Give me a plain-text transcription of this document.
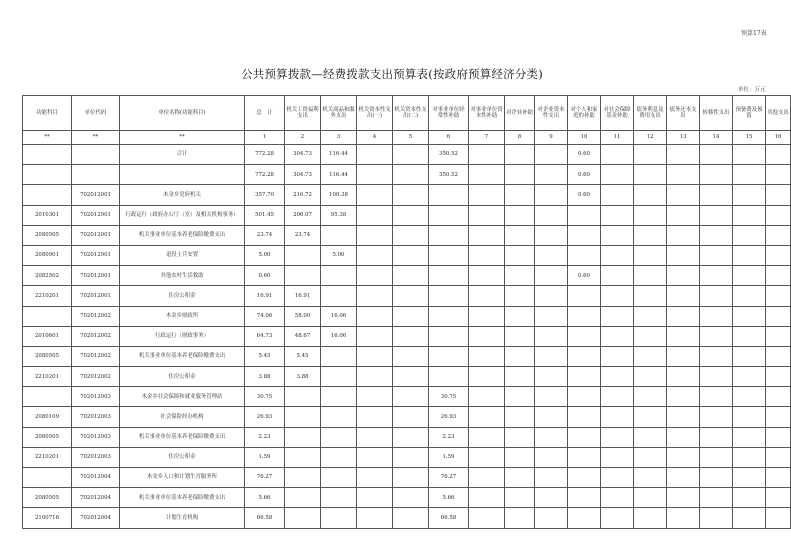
预算17表
公共预算拨款—经费拨款支出预算表(按政府预算经济分类)
单位：万元
功能科目	单位代码	单位名称(功能科目)	总　计	机关工资福利支出	机关商品和服务支出	机关资本性支出(一)	机关资本性支出(二)	对事业单位经常性补助	对事业单位资本性补助	对企业补助	对企业资本性支出	对个人和家庭的补助	对社会保障基金补助	债务利息及费用支出	债务还本支出	转移性支出	预备费及预留	其他支出
**	**	**	1	2	3	4	5	6	7	8	9	10	11	12	13	14	15	16
		合计	772.28	304.73	116.44			350.52				0.60						
			772.28	304.73	116.44			350.52				0.60						
	702012001	木金乡党府机关	357.70	216.72	100.38							0.60						
2010301	702012001	行政运行（政府办公厅（室）及相关机构事务）	501.45	206.07	95.38													
2080505	702012001	机关事业单位基本养老保险缴费支出	23.74	23.74														
2080901	702012001	退役士兵安置	5.00		5.00													
2082502	702012001	其他农村生活救助	0.60									0.60						
2210201	702012001	住房公积金	16.91	16.91														
	702012002	木金乡财政所	74.06	58.00	16.06													
2010601	702012002	行政运行（财政事务）	64.73	48.67	16.06													
2080505	702012002	机关事业单位基本养老保险缴费支出	5.45	5.45														
2210201	702012002	住房公积金	3.88	3.88														
	702012003	木金乡社会保障和就业服务管理站	30.75					30.75										
2080109	702012003	社会保险经办机构	26.93					26.93										
2080505	702012003	机关事业单位基本养老保险缴费支出	2.23					2.23										
2210201	702012003	住房公积金	1.59					1.59										
	702012004	木金乡人口和计划生育服务所	76.27					76.27										
2080505	702012004	机关事业单位基本养老保险缴费支出	5.66					5.66										
2100716	702012004	计划生育机构	66.58					66.58										
